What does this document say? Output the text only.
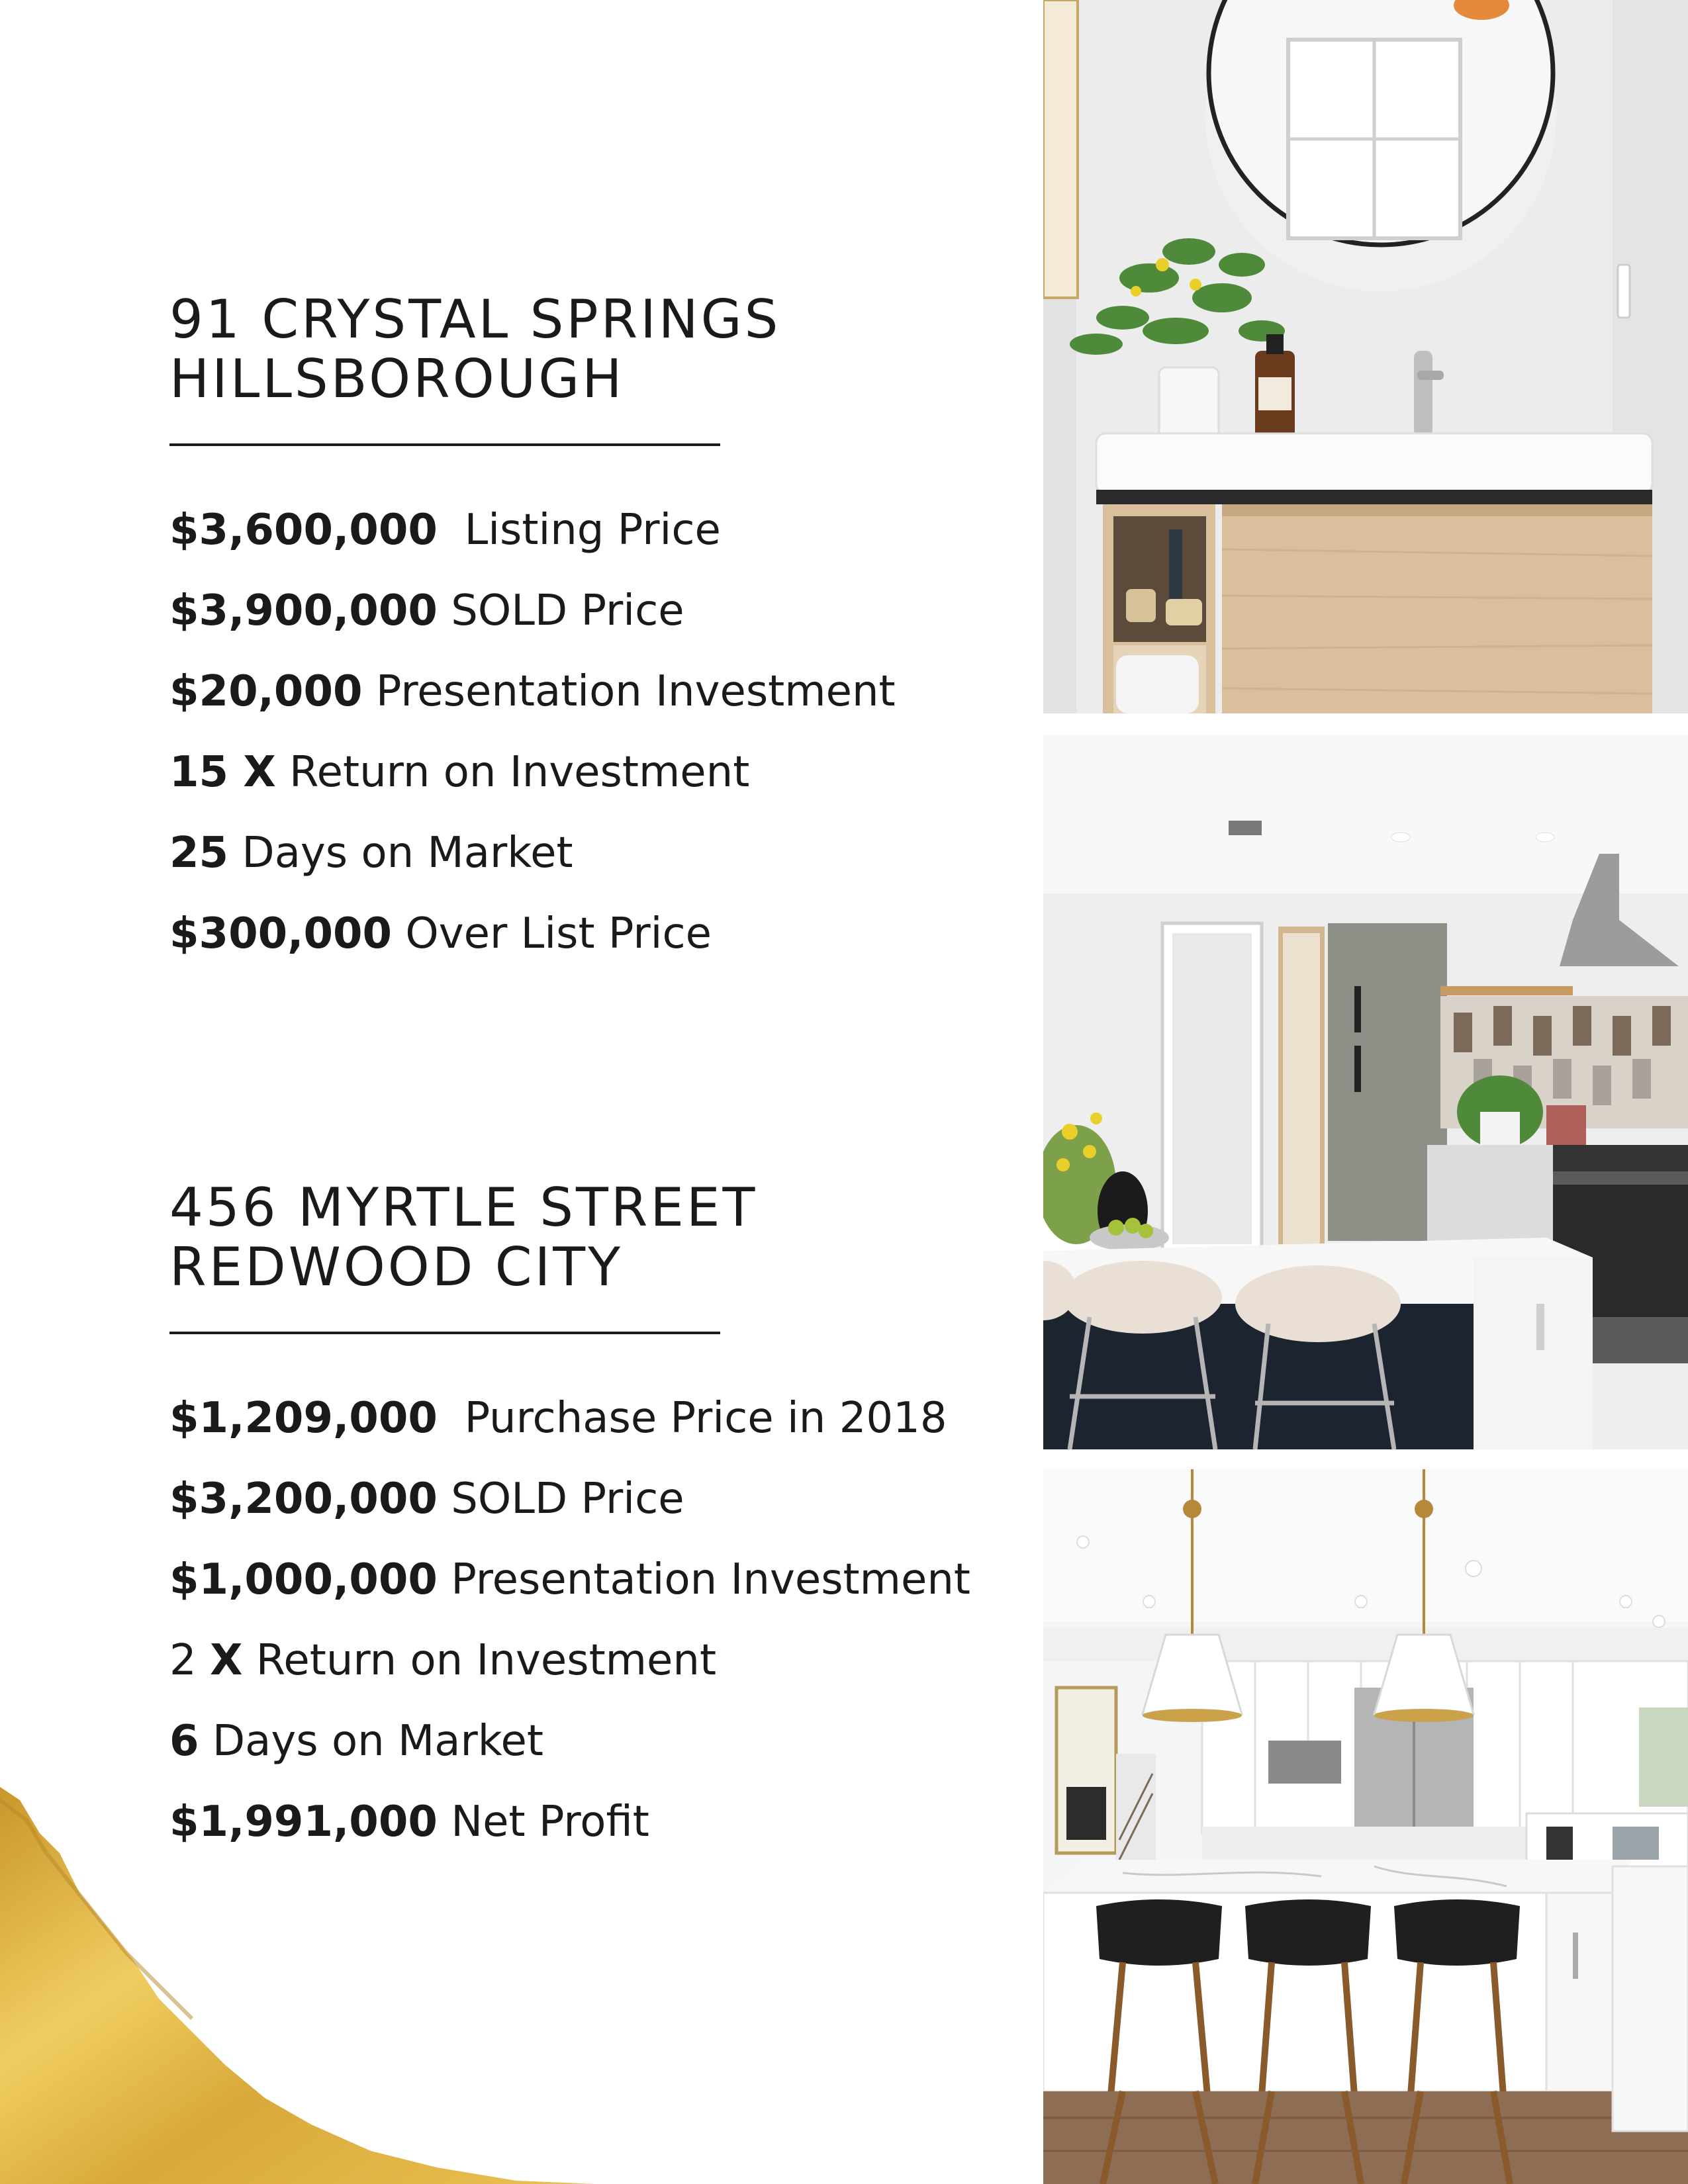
91 CRYSTAL SPRINGS
HILLSBOROUGH
$3,600,000 Listing Price
$3,900,000 SOLD Price
$20,000 Presentation Investment
15 X Return on Investment
25 Days on Market
$300,000 Over List Price
456 MYRTLE STREET
REDWOOD CITY
$1,209,000 Purchase Price in 2018
$3,200,000 SOLD Price
$1,000,000 Presentation Investment
2 X Return on Investment
6 Days on Market
$1,991,000 Net Profit
